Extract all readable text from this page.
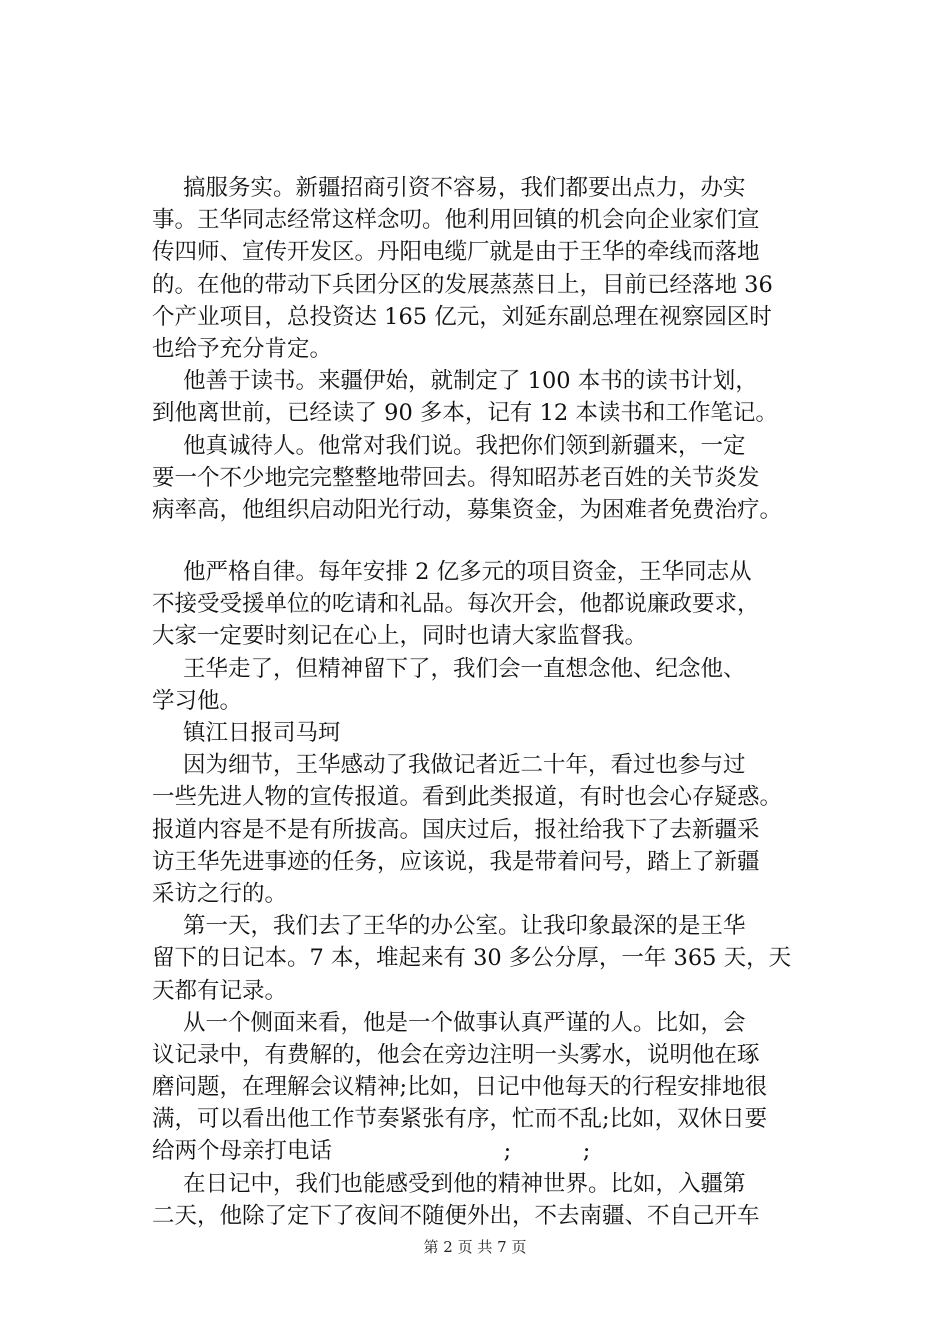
搞服务实。新疆招商引资不容易，我们都要出点力，办实
事。王华同志经常这样念叨。他利用回镇的机会向企业家们宣
传四师、宣传开发区。丹阳电缆厂就是由于王华的牵线而落地
的。在他的带动下兵团分区的发展蒸蒸日上，目前已经落地 36
个产业项目，总投资达 165 亿元，刘延东副总理在视察园区时
也给予充分肯定。
他善于读书。来疆伊始，就制定了 100 本书的读书计划，
到他离世前，已经读了 90 多本，记有 12 本读书和工作笔记。
他真诚待人。他常对我们说。我把你们领到新疆来，一定
要一个不少地完完整整地带回去。得知昭苏老百姓的关节炎发
病率高，他组织启动阳光行动，募集资金，为困难者免费治疗。
他严格自律。每年安排 2 亿多元的项目资金，王华同志从
不接受受援单位的吃请和礼品。每次开会，他都说廉政要求，
大家一定要时刻记在心上，同时也请大家监督我。
王华走了，但精神留下了，我们会一直想念他、纪念他、
学习他。
镇江日报司马珂
因为细节，王华感动了我做记者近二十年，看过也参与过
一些先进人物的宣传报道。看到此类报道，有时也会心存疑惑。
报道内容是不是有所拔高。国庆过后，报社给我下了去新疆采
访王华先进事迹的任务，应该说，我是带着问号，踏上了新疆
采访之行的。
第一天，我们去了王华的办公室。让我印象最深的是王华
留下的日记本。7 本，堆起来有 30 多公分厚，一年 365 天，天
天都有记录。
从一个侧面来看，他是一个做事认真严谨的人。比如，会
议记录中，有费解的，他会在旁边注明一头雾水，说明他在琢
磨问题，在理解会议精神;比如，日记中他每天的行程安排地很
满，可以看出他工作节奏紧张有序，忙而不乱;比如，双休日要
给两个母亲打电话                        ;          ;
在日记中，我们也能感受到他的精神世界。比如，入疆第
二天，他除了定下了夜间不随便外出，不去南疆、不自己开车
第 2 页 共 7 页
